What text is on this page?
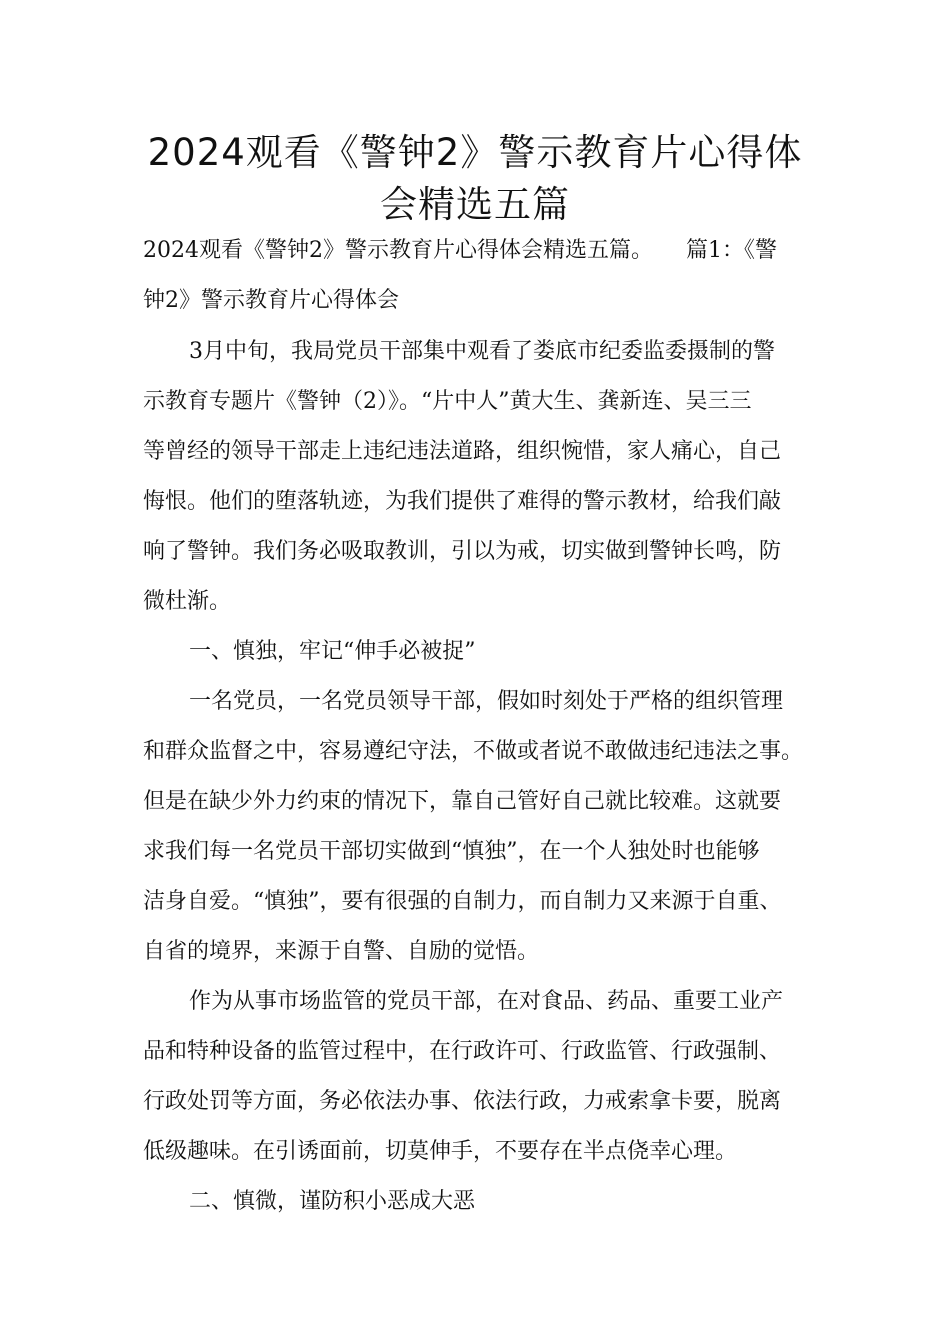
2024观看《警钟2》警示教育片心得体
会精选五篇
2024观看《警钟2》警示教育片心得体会精选五篇。　　篇1：《警
钟2》警示教育片心得体会
3月中旬，我局党员干部集中观看了娄底市纪委监委摄制的警
示教育专题片《警钟（2）》。“片中人”黄大生、龚新连、吴三三
等曾经的领导干部走上违纪违法道路，组织惋惜，家人痛心，自己
悔恨。他们的堕落轨迹，为我们提供了难得的警示教材，给我们敲
响了警钟。我们务必吸取教训，引以为戒，切实做到警钟长鸣，防
微杜渐。
一、慎独，牢记“伸手必被捉”
一名党员，一名党员领导干部，假如时刻处于严格的组织管理
和群众监督之中，容易遵纪守法，不做或者说不敢做违纪违法之事。
但是在缺少外力约束的情况下，靠自己管好自己就比较难。这就要
求我们每一名党员干部切实做到“慎独”，在一个人独处时也能够
洁身自爱。“慎独”，要有很强的自制力，而自制力又来源于自重、
自省的境界，来源于自警、自励的觉悟。
作为从事市场监管的党员干部，在对食品、药品、重要工业产
品和特种设备的监管过程中，在行政许可、行政监管、行政强制、
行政处罚等方面，务必依法办事、依法行政，力戒索拿卡要，脱离
低级趣味。在引诱面前，切莫伸手，不要存在半点侥幸心理。
二、慎微，谨防积小恶成大恶
